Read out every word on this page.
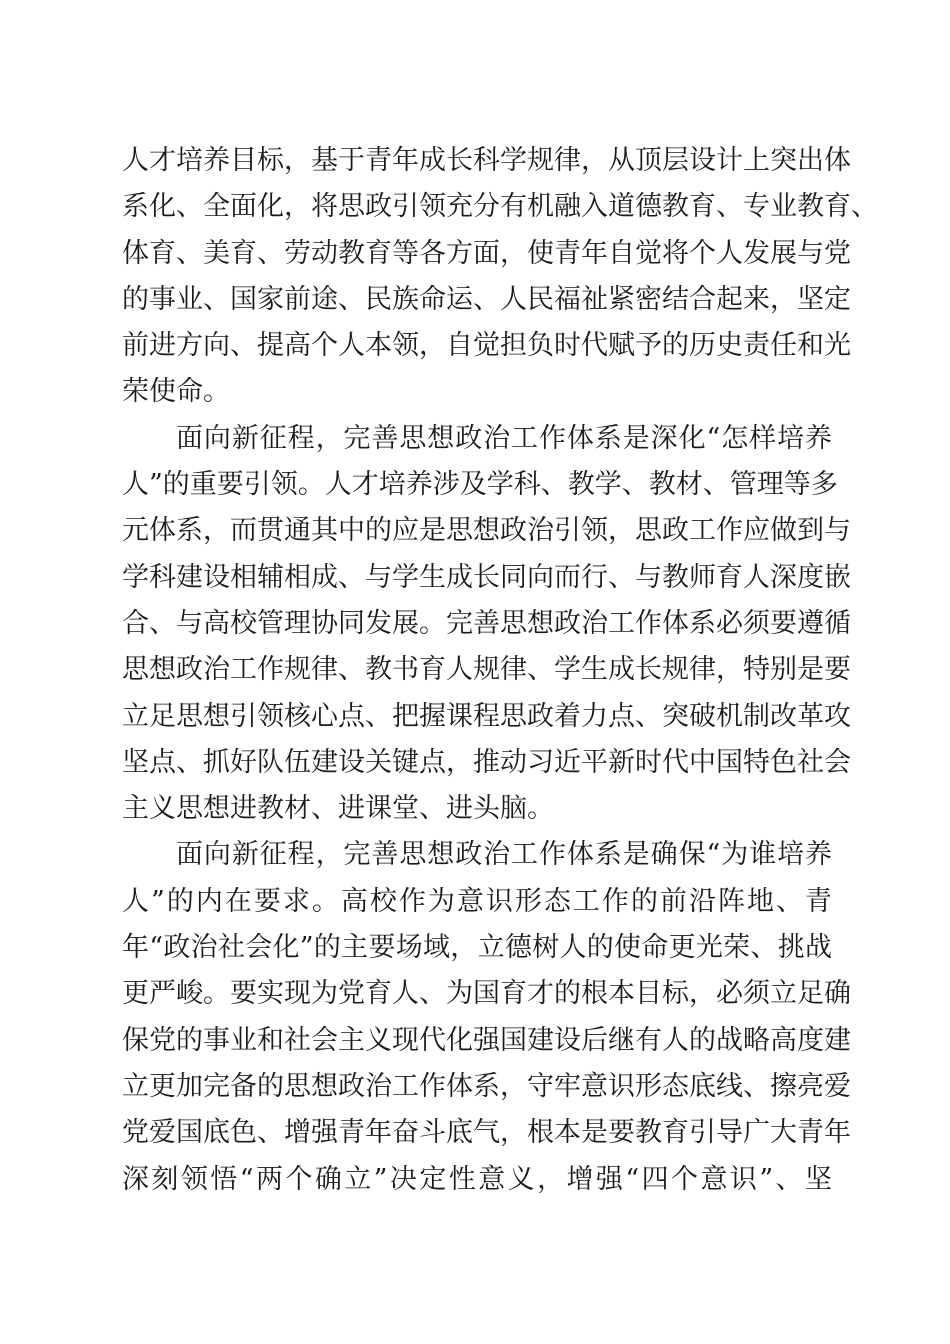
人才培养目标，基于青年成长科学规律，从顶层设计上突出体
系化、全面化，将思政引领充分有机融入道德教育、专业教育、
体育、美育、劳动教育等各方面，使青年自觉将个人发展与党
的事业、国家前途、民族命运、人民福祉紧密结合起来，坚定
前进方向、提高个人本领，自觉担负时代赋予的历史责任和光
荣使命。
面向新征程，完善思想政治工作体系是深化“怎样培养
人”的重要引领。人才培养涉及学科、教学、教材、管理等多
元体系，而贯通其中的应是思想政治引领，思政工作应做到与
学科建设相辅相成、与学生成长同向而行、与教师育人深度嵌
合、与高校管理协同发展。完善思想政治工作体系必须要遵循
思想政治工作规律、教书育人规律、学生成长规律，特别是要
立足思想引领核心点、把握课程思政着力点、突破机制改革攻
坚点、抓好队伍建设关键点，推动习近平新时代中国特色社会
主义思想进教材、进课堂、进头脑。
面向新征程，完善思想政治工作体系是确保“为谁培养
人”的内在要求。高校作为意识形态工作的前沿阵地、青
年“政治社会化”的主要场域，立德树人的使命更光荣、挑战
更严峻。要实现为党育人、为国育才的根本目标，必须立足确
保党的事业和社会主义现代化强国建设后继有人的战略高度建
立更加完备的思想政治工作体系，守牢意识形态底线、擦亮爱
党爱国底色、增强青年奋斗底气，根本是要教育引导广大青年
深刻领悟“两个确立”决定性意义，增强“四个意识”、坚
